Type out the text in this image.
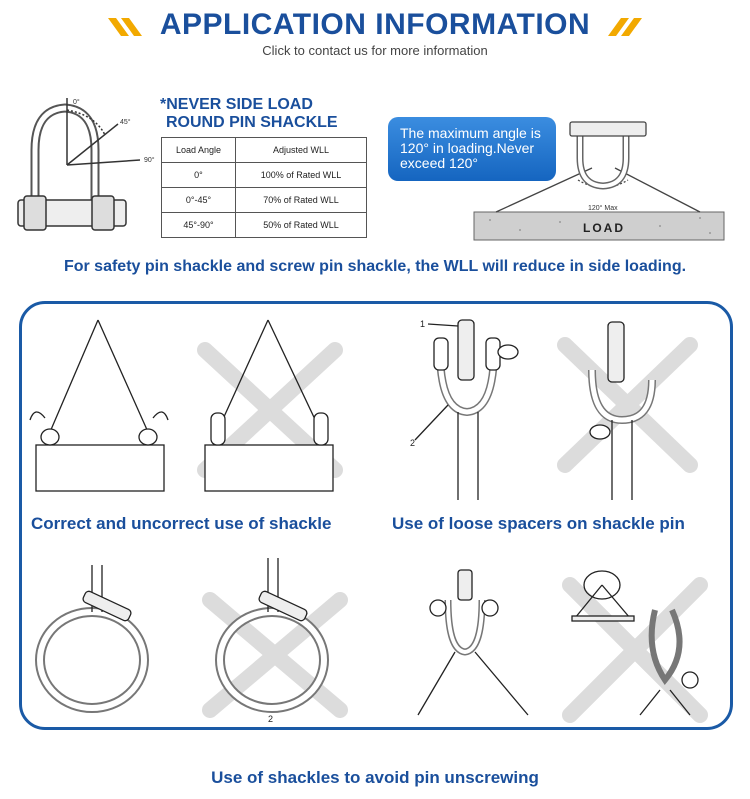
APPLICATION INFORMATION
Click to contact us for more information
0°
45°
90°
*NEVER SIDE LOAD
ROUND PIN SHACKLE
Load Angle	Adjusted WLL
0°	100% of Rated WLL
0°-45°	70% of Rated WLL
45°-90°	50% of Rated WLL
The maximum angle is 120° in loading.Never exceed 120°
LOAD
120° Max
For safety pin shackle and screw pin shackle, the WLL will reduce in side loading.
1
2
2
Correct and uncorrect use of shackle	Use of loose spacers on shackle pin
Use of shackles to avoid pin unscrewing
